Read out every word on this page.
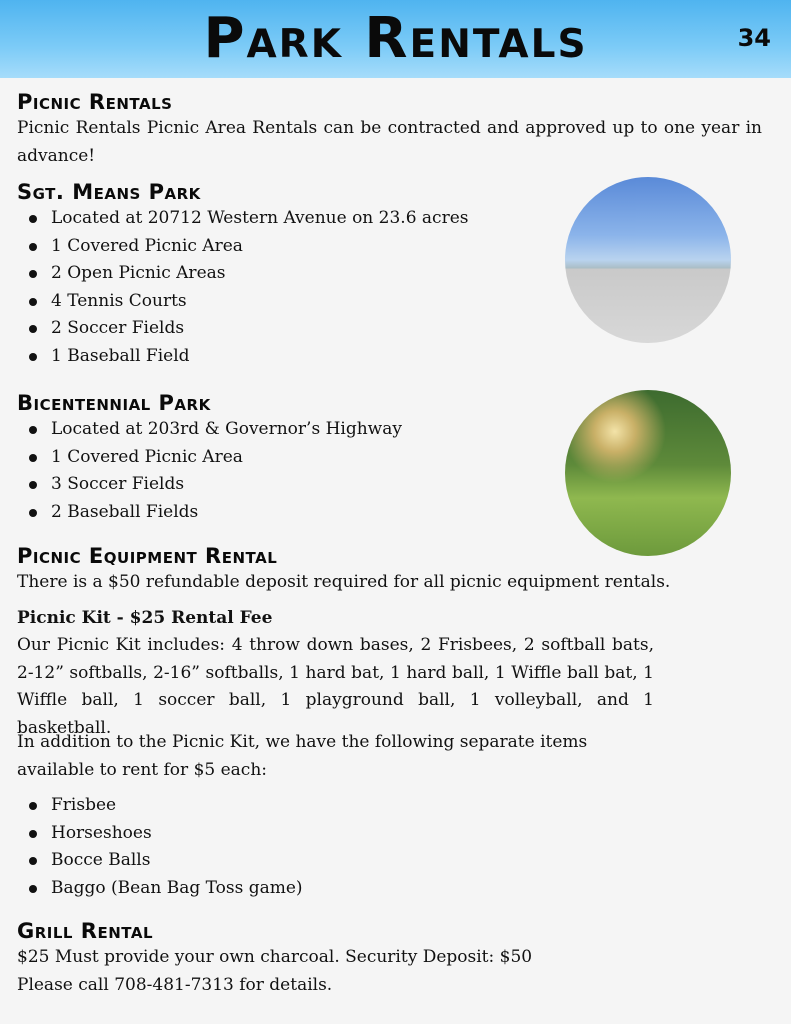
Park Rentals	34
Picnic Rentals
Picnic Rentals Picnic Area Rentals can be contracted and approved up to one year in advance!
Sgt. Means Park
Located at 20712 Western Avenue on 23.6 acres
1 Covered Picnic Area
2 Open Picnic Areas
4 Tennis Courts
2 Soccer Fields
1 Baseball Field
Bicentennial Park
Located at 203rd & Governor’s Highway
1 Covered Picnic Area
3 Soccer Fields
2 Baseball Fields
Picnic Equipment Rental
There is a $50 refundable deposit required for all picnic equipment rentals.
Picnic Kit - $25 Rental Fee
Our Picnic Kit includes: 4 throw down bases, 2 Frisbees, 2 softball bats, 2-12” softballs, 2-16” softballs, 1 hard bat, 1 hard ball, 1 Wiffle ball bat, 1 Wiffle ball, 1 soccer ball, 1 playground ball, 1 volleyball, and 1 basketball.
In addition to the Picnic Kit, we have the following separate items available to rent for $5 each:
Frisbee
Horseshoes
Bocce Balls
Baggo (Bean Bag Toss game)
Grill Rental
$25 Must provide your own charcoal. Security Deposit: $50
Please call 708-481-7313 for details.
